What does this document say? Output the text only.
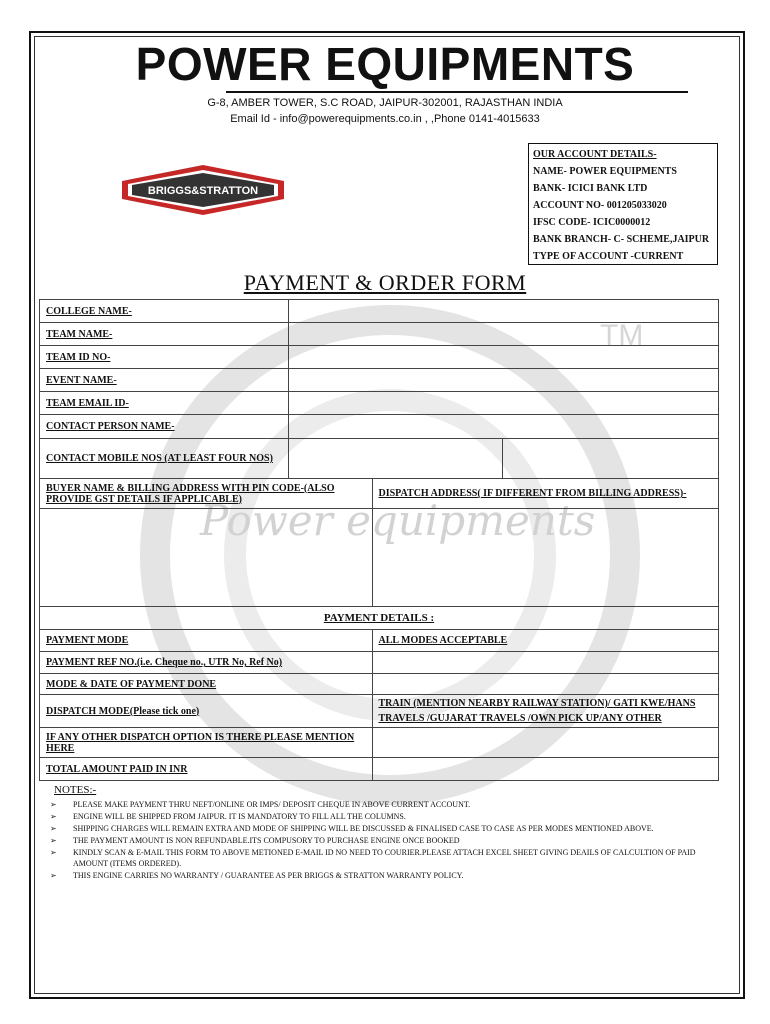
POWER EQUIPMENTS
G-8, AMBER TOWER, S.C ROAD, JAIPUR-302001, RAJASTHAN INDIA
Email Id - info@powerequipments.co.in , ,Phone 0141-4015633
TM
Power equipments
BRIGGS&STRATTON
OUR ACCOUNT DETAILS-
NAME- POWER EQUIPMENTS
BANK- ICICI BANK LTD
ACCOUNT NO- 001205033020
IFSC CODE- ICIC0000012
BANK BRANCH- C- SCHEME,JAIPUR
TYPE OF ACCOUNT -CURRENT
PAYMENT & ORDER FORM
COLLEGE NAME-			
TEAM NAME-			
TEAM ID NO-			
EVENT NAME-			
TEAM EMAIL ID-			
CONTACT PERSON NAME-			
CONTACT MOBILE NOS (AT LEAST FOUR NOS)			
BUYER NAME & BILLING ADDRESS WITH PIN CODE-(ALSO PROVIDE GST DETAILS IF APPLICABLE)		DISPATCH ADDRESS( IF DIFFERENT FROM BILLING ADDRESS)-	

PAYMENT DETAILS :			
PAYMENT MODE		ALL MODES ACCEPTABLE	
PAYMENT REF NO.(i.e. Cheque no., UTR No, Ref No)			
MODE & DATE OF PAYMENT DONE			
DISPATCH MODE(Please tick one)		TRAIN (MENTION NEARBY RAILWAY STATION)/ GATI KWE/HANS TRAVELS /GUJARAT TRAVELS /OWN PICK UP/ANY OTHER	
IF ANY OTHER DISPATCH OPTION IS THERE PLEASE MENTION HERE			
TOTAL AMOUNT PAID IN INR			
NOTES:-
➢ PLEASE MAKE PAYMENT THRU NEFT/ONLINE OR IMPS/ DEPOSIT CHEQUE IN ABOVE CURRENT ACCOUNT.
➢ ENGINE WILL BE SHIPPED FROM JAIPUR. IT IS MANDATORY TO FILL ALL THE COLUMNS.
➢ SHIPPING CHARGES WILL REMAIN EXTRA AND MODE OF SHIPPING WILL BE DISCUSSED & FINALISED CASE TO CASE AS PER MODES MENTIONED ABOVE.
➢ THE PAYMENT AMOUNT IS NON REFUNDABLE.ITS COMPUSORY TO PURCHASE ENGINE ONCE BOOKED
➢ KINDLY SCAN & E-MAIL THIS FORM TO ABOVE METIONED E-MAIL ID NO NEED TO COURIER.PLEASE ATTACH EXCEL SHEET GIVING DEAILS OF CALCULTION OF PAID AMOUNT (ITEMS ORDERED).
➢ THIS ENGINE CARRIES NO WARRANTY / GUARANTEE AS PER BRIGGS & STRATTON WARRANTY POLICY.
